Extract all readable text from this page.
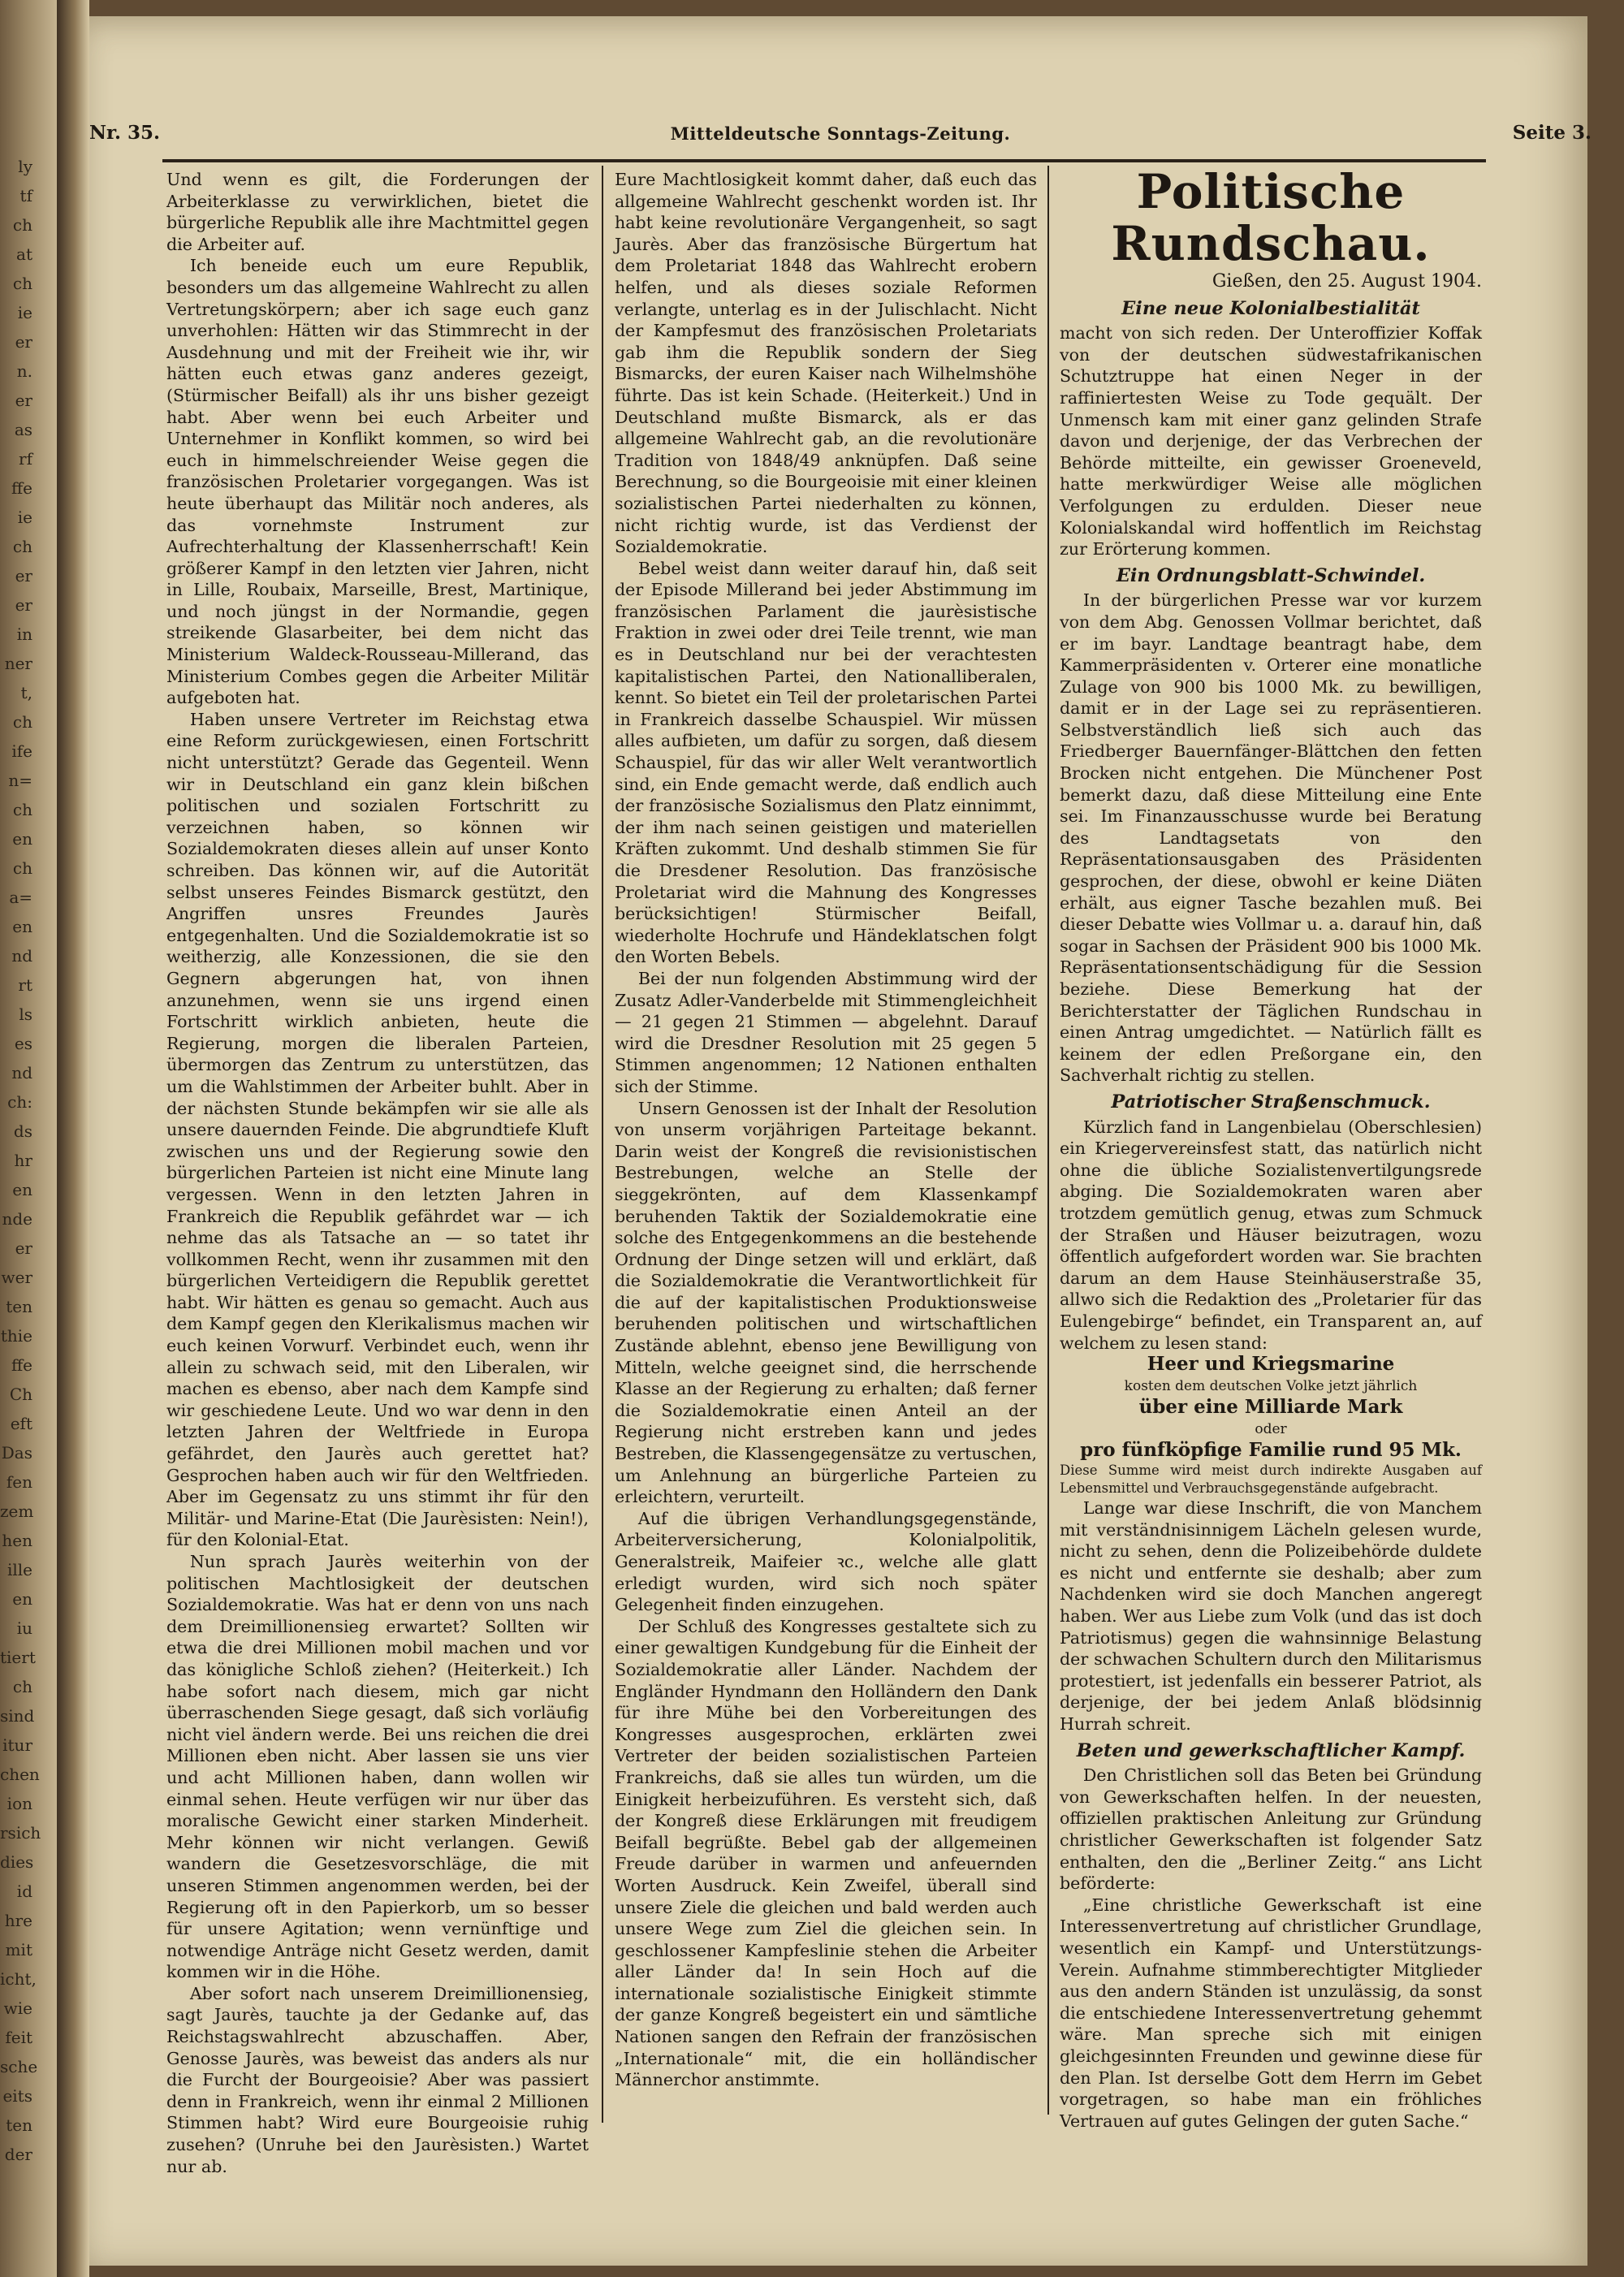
ly
tf
ch
at
ch
ie
er
n.
er
as
rf
ffe
ie
ch
er
er
in
ner
t,
ch
ife
n=
ch
en
ch
a=
en
nd
rt
ls
es
nd
ch:
ds
hr
en
nde
er
wer
ten
thie
ffe
Ch
eft
Das
fen
zem
hen
ille
en
iu
tiert
ch
sind
itur
chen
ion
rsich
dies
id
hre
mit
icht,
wie
feit
sche
eits
ten
der
Nr. 35.	Mitteldeutsche Sonntags-Zeitung.	Seite 3.

Und wenn es gilt, die Forderungen der Arbeiterklasse zu verwirklichen, bietet die bürgerliche Republik alle ihre Machtmittel gegen die Arbeiter auf.

Ich beneide euch um eure Republik, besonders um das allgemeine Wahlrecht zu allen Vertretungskörpern; aber ich sage euch ganz unverhohlen: Hätten wir das Stimmrecht in der Ausdehnung und mit der Freiheit wie ihr, wir hätten euch etwas ganz anderes gezeigt, (Stürmischer Beifall) als ihr uns bisher gezeigt habt. Aber wenn bei euch Arbeiter und Unternehmer in Konflikt kommen, so wird bei euch in himmelschreiender Weise gegen die französischen Proletarier vorgegangen. Was ist heute überhaupt das Militär noch anderes, als das vornehmste Instrument zur Aufrechterhaltung der Klassenherrschaft! Kein größerer Kampf in den letzten vier Jahren, nicht in Lille, Roubaix, Marseille, Brest, Martinique, und noch jüngst in der Normandie, gegen streikende Glasarbeiter, bei dem nicht das Ministerium Waldeck-Rousseau-Millerand, das Ministerium Combes gegen die Arbeiter Militär aufgeboten hat.

Haben unsere Vertreter im Reichstag etwa eine Reform zurückgewiesen, einen Fortschritt nicht unterstützt? Gerade das Gegenteil. Wenn wir in Deutschland ein ganz klein bißchen politischen und sozialen Fortschritt zu verzeichnen haben, so können wir Sozialdemokraten dieses allein auf unser Konto schreiben. Das können wir, auf die Autorität selbst unseres Feindes Bismarck gestützt, den Angriffen unsres Freundes Jaurès entgegenhalten. Und die Sozialdemokratie ist so weitherzig, alle Konzessionen, die sie den Gegnern abgerungen hat, von ihnen anzunehmen, wenn sie uns irgend einen Fortschritt wirklich anbieten, heute die Regierung, morgen die liberalen Parteien, übermorgen das Zentrum zu unterstützen, das um die Wahlstimmen der Arbeiter buhlt. Aber in der nächsten Stunde bekämpfen wir sie alle als unsere dauernden Feinde. Die abgrundtiefe Kluft zwischen uns und der Regierung sowie den bürgerlichen Parteien ist nicht eine Minute lang vergessen. Wenn in den letzten Jahren in Frankreich die Republik gefährdet war — ich nehme das als Tatsache an — so tatet ihr vollkommen Recht, wenn ihr zusammen mit den bürgerlichen Verteidigern die Republik gerettet habt. Wir hätten es genau so gemacht. Auch aus dem Kampf gegen den Klerikalismus machen wir euch keinen Vorwurf. Verbindet euch, wenn ihr allein zu schwach seid, mit den Liberalen, wir machen es ebenso, aber nach dem Kampfe sind wir geschiedene Leute. Und wo war denn in den letzten Jahren der Weltfriede in Europa gefährdet, den Jaurès auch gerettet hat? Gesprochen haben auch wir für den Weltfrieden. Aber im Gegensatz zu uns stimmt ihr für den Militär- und Marine-Etat (Die Jaurèsisten: Nein!), für den Kolonial-Etat.

Nun sprach Jaurès weiterhin von der politischen Machtlosigkeit der deutschen Sozialdemokratie. Was hat er denn von uns nach dem Dreimillionensieg erwartet? Sollten wir etwa die drei Millionen mobil machen und vor das königliche Schloß ziehen? (Heiterkeit.) Ich habe sofort nach diesem, mich gar nicht überraschenden Siege gesagt, daß sich vorläufig nicht viel ändern werde. Bei uns reichen die drei Millionen eben nicht. Aber lassen sie uns vier und acht Millionen haben, dann wollen wir einmal sehen. Heute verfügen wir nur über das moralische Gewicht einer starken Minderheit. Mehr können wir nicht verlangen. Gewiß wandern die Gesetzesvorschläge, die mit unseren Stimmen angenommen werden, bei der Regierung oft in den Papierkorb, um so besser für unsere Agitation; wenn vernünftige und notwendige Anträge nicht Gesetz werden, damit kommen wir in die Höhe.

Aber sofort nach unserem Dreimillionensieg, sagt Jaurès, tauchte ja der Gedanke auf, das Reichstagswahlrecht abzuschaffen. Aber, Genosse Jaurès, was beweist das anders als nur die Furcht der Bourgeoisie? Aber was passiert denn in Frankreich, wenn ihr einmal 2 Millionen Stimmen habt? Wird eure Bourgeoisie ruhig zusehen? (Unruhe bei den Jaurèsisten.) Wartet nur ab.

Eure Machtlosigkeit kommt daher, daß euch das allgemeine Wahlrecht geschenkt worden ist. Ihr habt keine revolutionäre Vergangenheit, so sagt Jaurès. Aber das französische Bürgertum hat dem Proletariat 1848 das Wahlrecht erobern helfen, und als dieses soziale Reformen verlangte, unterlag es in der Julischlacht. Nicht der Kampfesmut des französischen Proletariats gab ihm die Republik sondern der Sieg Bismarcks, der euren Kaiser nach Wilhelmshöhe führte. Das ist kein Schade. (Heiterkeit.) Und in Deutschland mußte Bismarck, als er das allgemeine Wahlrecht gab, an die revolutionäre Tradition von 1848/49 anknüpfen. Daß seine Berechnung, so die Bourgeoisie mit einer kleinen sozialistischen Partei niederhalten zu können, nicht richtig wurde, ist das Verdienst der Sozialdemokratie.

Bebel weist dann weiter darauf hin, daß seit der Episode Millerand bei jeder Abstimmung im französischen Parlament die jaurèsistische Fraktion in zwei oder drei Teile trennt, wie man es in Deutschland nur bei der verachtesten kapitalistischen Partei, den Nationalliberalen, kennt. So bietet ein Teil der proletarischen Partei in Frankreich dasselbe Schauspiel. Wir müssen alles aufbieten, um dafür zu sorgen, daß diesem Schauspiel, für das wir aller Welt verantwortlich sind, ein Ende gemacht werde, daß endlich auch der französische Sozialismus den Platz einnimmt, der ihm nach seinen geistigen und materiellen Kräften zukommt. Und deshalb stimmen Sie für die Dresdener Resolution. Das französische Proletariat wird die Mahnung des Kongresses berücksichtigen! Stürmischer Beifall, wiederholte Hochrufe und Händeklatschen folgt den Worten Bebels.

Bei der nun folgenden Abstimmung wird der Zusatz Adler-Vanderbelde mit Stimmengleichheit — 21 gegen 21 Stimmen — abgelehnt. Darauf wird die Dresdner Resolution mit 25 gegen 5 Stimmen angenommen; 12 Nationen enthalten sich der Stimme.

Unsern Genossen ist der Inhalt der Resolution von unserm vorjährigen Parteitage bekannt. Darin weist der Kongreß die revisionistischen Bestrebungen, welche an Stelle der sieggekrönten, auf dem Klassenkampf beruhenden Taktik der Sozialdemokratie eine solche des Entgegenkommens an die bestehende Ordnung der Dinge setzen will und erklärt, daß die Sozialdemokratie die Verantwortlichkeit für die auf der kapitalistischen Produktionsweise beruhenden politischen und wirtschaftlichen Zustände ablehnt, ebenso jene Bewilligung von Mitteln, welche geeignet sind, die herrschende Klasse an der Regierung zu erhalten; daß ferner die Sozialdemokratie einen Anteil an der Regierung nicht erstreben kann und jedes Bestreben, die Klassengegensätze zu vertuschen, um Anlehnung an bürgerliche Parteien zu erleichtern, verurteilt.

Auf die übrigen Verhandlungsgegenstände, Arbeiterversicherung, Kolonialpolitik, Generalstreik, Maifeier ꝛc., welche alle glatt erledigt wurden, wird sich noch später Gelegenheit finden einzugehen.

Der Schluß des Kongresses gestaltete sich zu einer gewaltigen Kundgebung für die Einheit der Sozialdemokratie aller Länder. Nachdem der Engländer Hyndmann den Holländern den Dank für ihre Mühe bei den Vorbereitungen des Kongresses ausgesprochen, erklärten zwei Vertreter der beiden sozialistischen Parteien Frankreichs, daß sie alles tun würden, um die Einigkeit herbeizuführen. Es versteht sich, daß der Kongreß diese Erklärungen mit freudigem Beifall begrüßte. Bebel gab der allgemeinen Freude darüber in warmen und anfeuernden Worten Ausdruck. Kein Zweifel, überall sind unsere Ziele die gleichen und bald werden auch unsere Wege zum Ziel die gleichen sein. In geschlossener Kampfeslinie stehen die Arbeiter aller Länder da! In sein Hoch auf die internationale sozialistische Einigkeit stimmte der ganze Kongreß begeistert ein und sämtliche Nationen sangen den Refrain der französischen „Internationale“ mit, die ein holländischer Männerchor anstimmte.

Politische Rundschau.

Gießen, den 25. August 1904.

Eine neue Kolonialbestialität

macht von sich reden. Der Unteroffizier Koffak von der deutschen südwestafrikanischen Schutztruppe hat einen Neger in der raffiniertesten Weise zu Tode gequält. Der Unmensch kam mit einer ganz gelinden Strafe davon und derjenige, der das Verbrechen der Behörde mitteilte, ein gewisser Groeneveld, hatte merkwürdiger Weise alle möglichen Verfolgungen zu erdulden. Dieser neue Kolonialskandal wird hoffentlich im Reichstag zur Erörterung kommen.

Ein Ordnungsblatt-Schwindel.

In der bürgerlichen Presse war vor kurzem von dem Abg. Genossen Vollmar berichtet, daß er im bayr. Landtage beantragt habe, dem Kammerpräsidenten v. Orterer eine monatliche Zulage von 900 bis 1000 Mk. zu bewilligen, damit er in der Lage sei zu repräsentieren. Selbstverständlich ließ sich auch das Friedberger Bauernfänger-Blättchen den fetten Brocken nicht entgehen. Die Münchener Post bemerkt dazu, daß diese Mitteilung eine Ente sei. Im Finanzausschusse wurde bei Beratung des Landtagsetats von den Repräsentationsausgaben des Präsidenten gesprochen, der diese, obwohl er keine Diäten erhält, aus eigner Tasche bezahlen muß. Bei dieser Debatte wies Vollmar u. a. darauf hin, daß sogar in Sachsen der Präsident 900 bis 1000 Mk. Repräsentationsentschädigung für die Session beziehe. Diese Bemerkung hat der Berichterstatter der Täglichen Rundschau in einen Antrag umgedichtet. — Natürlich fällt es keinem der edlen Preßorgane ein, den Sachverhalt richtig zu stellen.

Patriotischer Straßenschmuck.

Kürzlich fand in Langenbielau (Oberschlesien) ein Kriegervereinsfest statt, das natürlich nicht ohne die übliche Sozialistenvertilgungsrede abging. Die Sozialdemokraten waren aber trotzdem gemütlich genug, etwas zum Schmuck der Straßen und Häuser beizutragen, wozu öffentlich aufgefordert worden war. Sie brachten darum an dem Hause Steinhäuserstraße 35, allwo sich die Redaktion des „Proletarier für das Eulengebirge“ befindet, ein Transparent an, auf welchem zu lesen stand:

Heer und Kriegsmarine

kosten dem deutschen Volke jetzt jährlich

über eine Milliarde Mark

oder

pro fünfköpfige Familie rund 95 Mk.

Diese Summe wird meist durch indirekte Ausgaben auf Lebensmittel und Verbrauchsgegenstände aufgebracht.

Lange war diese Inschrift, die von Manchem mit verständnisinnigem Lächeln gelesen wurde, nicht zu sehen, denn die Polizeibehörde duldete es nicht und entfernte sie deshalb; aber zum Nachdenken wird sie doch Manchen angeregt haben. Wer aus Liebe zum Volk (und das ist doch Patriotismus) gegen die wahnsinnige Belastung der schwachen Schultern durch den Militarismus protestiert, ist jedenfalls ein besserer Patriot, als derjenige, der bei jedem Anlaß blödsinnig Hurrah schreit.

Beten und gewerkschaftlicher Kampf.

Den Christlichen soll das Beten bei Gründung von Gewerkschaften helfen. In der neuesten, offiziellen praktischen Anleitung zur Gründung christlicher Gewerkschaften ist folgender Satz enthalten, den die „Berliner Zeitg.“ ans Licht beförderte:

„Eine christliche Gewerkschaft ist eine Interessenvertretung auf christlicher Grundlage, wesentlich ein Kampf- und Unterstützungs-Verein. Aufnahme stimmberechtigter Mitglieder aus den andern Ständen ist unzulässig, da sonst die entschiedene Interessenvertretung gehemmt wäre. Man spreche sich mit einigen gleichgesinnten Freunden und gewinne diese für den Plan. Ist derselbe Gott dem Herrn im Gebet vorgetragen, so habe man ein fröhliches Vertrauen auf gutes Gelingen der guten Sache.“
